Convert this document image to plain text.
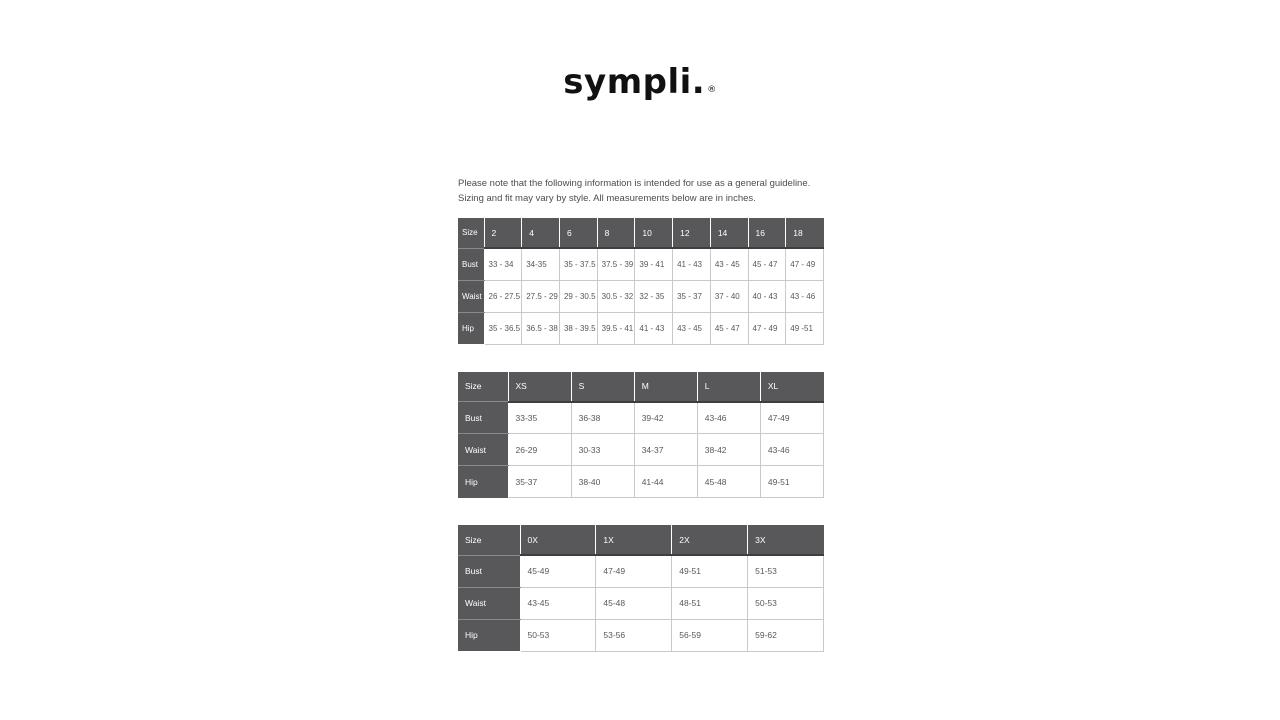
sympli. ®
Please note that the following information is intended for use as a general guideline.
Sizing and fit may vary by style. All measurements below are in inches.
Size	2	4	6	8	10	12	14	16	18
Bust	33 - 34	34-35	35 - 37.5	37.5 - 39	39 - 41	41 - 43	43 - 45	45 - 47	47 - 49
Waist	26 - 27.5	27.5 - 29	29 - 30.5	30.5 - 32	32 - 35	35 - 37	37 - 40	40 - 43	43 - 46
Hip	35 - 36.5	36.5 - 38	38 - 39.5	39.5 - 41	41 - 43	43 - 45	45 - 47	47 - 49	49 -51
Size	XS	S	M	L	XL
Bust	33-35	36-38	39-42	43-46	47-49
Waist	26-29	30-33	34-37	38-42	43-46
Hip	35-37	38-40	41-44	45-48	49-51
Size	0X	1X	2X	3X
Bust	45-49	47-49	49-51	51-53
Waist	43-45	45-48	48-51	50-53
Hip	50-53	53-56	56-59	59-62
